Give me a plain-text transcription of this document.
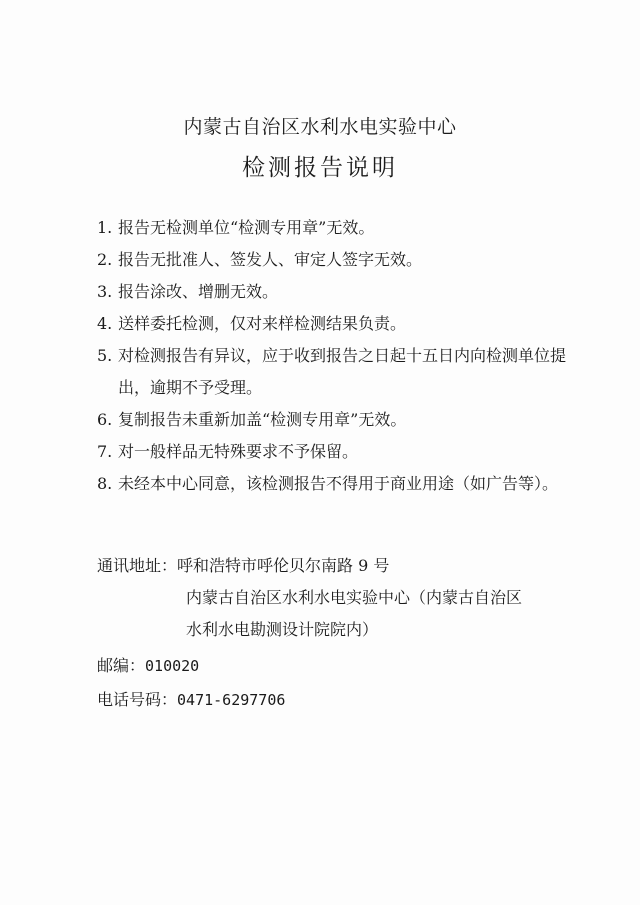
内蒙古自治区水利水电实验中心
检测报告说明
1. 报告无检测单位“检测专用章”无效。
2. 报告无批准人、签发人、审定人签字无效。
3. 报告涂改、增删无效。
4. 送样委托检测，仅对来样检测结果负责。
5. 对检测报告有异议，应于收到报告之日起十五日内向检测单位提出，逾期不予受理。
6. 复制报告未重新加盖“检测专用章”无效。
7. 对一般样品无特殊要求不予保留。
8. 未经本中心同意，该检测报告不得用于商业用途（如广告等）。
通讯地址：呼和浩特市呼伦贝尔南路 9 号
内蒙古自治区水利水电实验中心（内蒙古自治区
水利水电勘测设计院院内）
邮编：010020
电话号码：0471-6297706
